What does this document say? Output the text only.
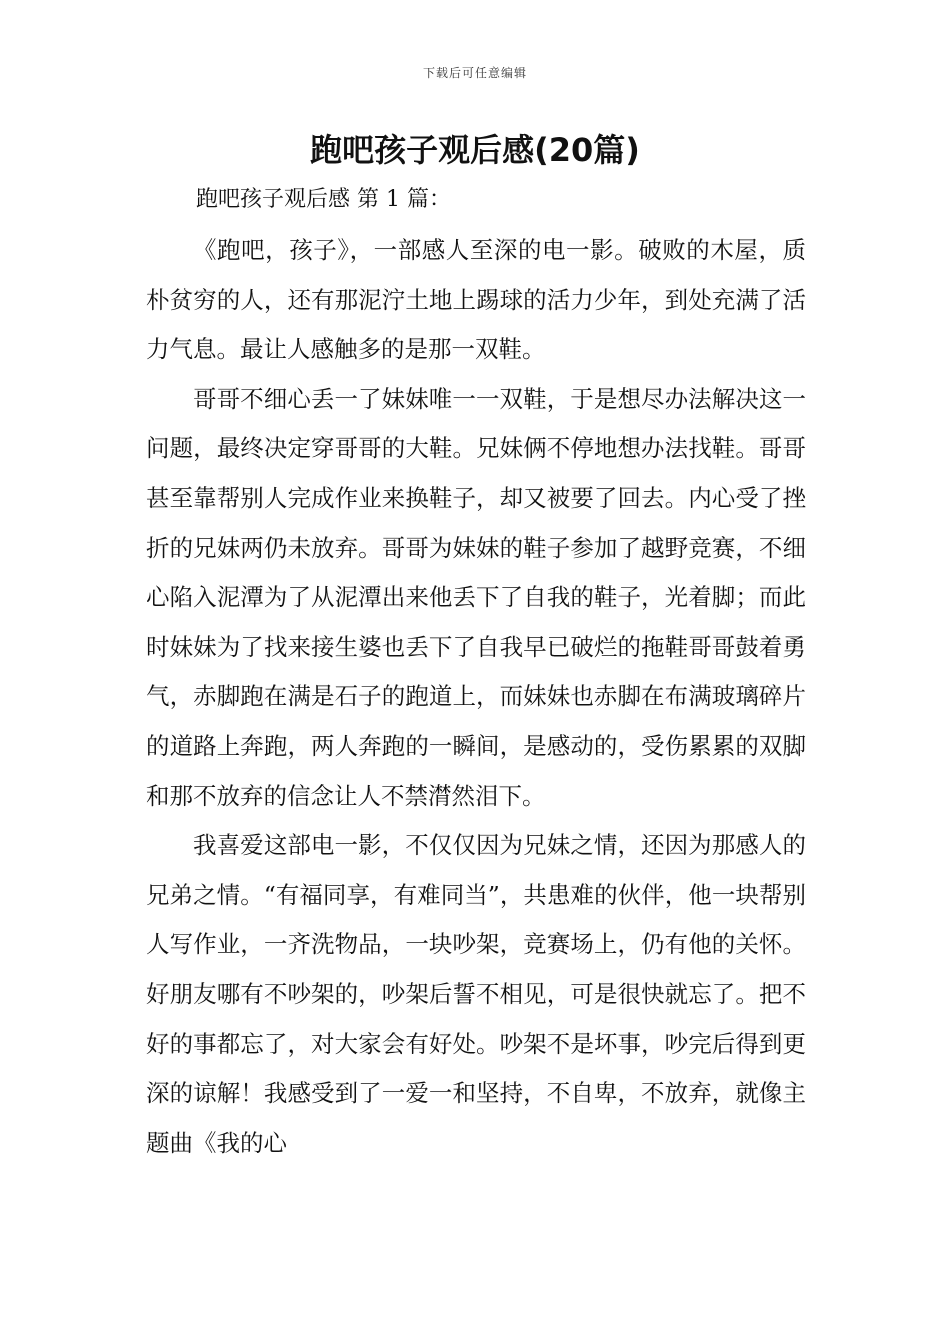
下载后可任意编辑
跑吧孩子观后感(20篇)
跑吧孩子观后感 第 1 篇：

《跑吧，孩子》，一部感人至深的电一影。破败的木屋，质朴贫穷的人，还有那泥泞土地上踢球的活力少年，到处充满了活力气息。最让人感触多的是那一双鞋。

哥哥不细心丢一了妹妹唯一一双鞋，于是想尽办法解决这一问题，最终决定穿哥哥的大鞋。兄妹俩不停地想办法找鞋。哥哥甚至靠帮别人完成作业来换鞋子，却又被要了回去。内心受了挫折的兄妹两仍未放弃。哥哥为妹妹的鞋子参加了越野竞赛，不细心陷入泥潭为了从泥潭出来他丢下了自我的鞋子，光着脚；而此时妹妹为了找来接生婆也丢下了自我早已破烂的拖鞋哥哥鼓着勇气，赤脚跑在满是石子的跑道上，而妹妹也赤脚在布满玻璃碎片的道路上奔跑，两人奔跑的一瞬间，是感动的，受伤累累的双脚和那不放弃的信念让人不禁潸然泪下。

我喜爱这部电一影，不仅仅因为兄妹之情，还因为那感人的兄弟之情。“有福同享，有难同当”，共患难的伙伴，他一块帮别人写作业，一齐洗物品，一块吵架，竞赛场上，仍有他的关怀。好朋友哪有不吵架的，吵架后誓不相见，可是很快就忘了。把不好的事都忘了，对大家会有好处。吵架不是坏事，吵完后得到更深的谅解！我感受到了一爱一和坚持，不自卑，不放弃，就像主题曲《我的心
